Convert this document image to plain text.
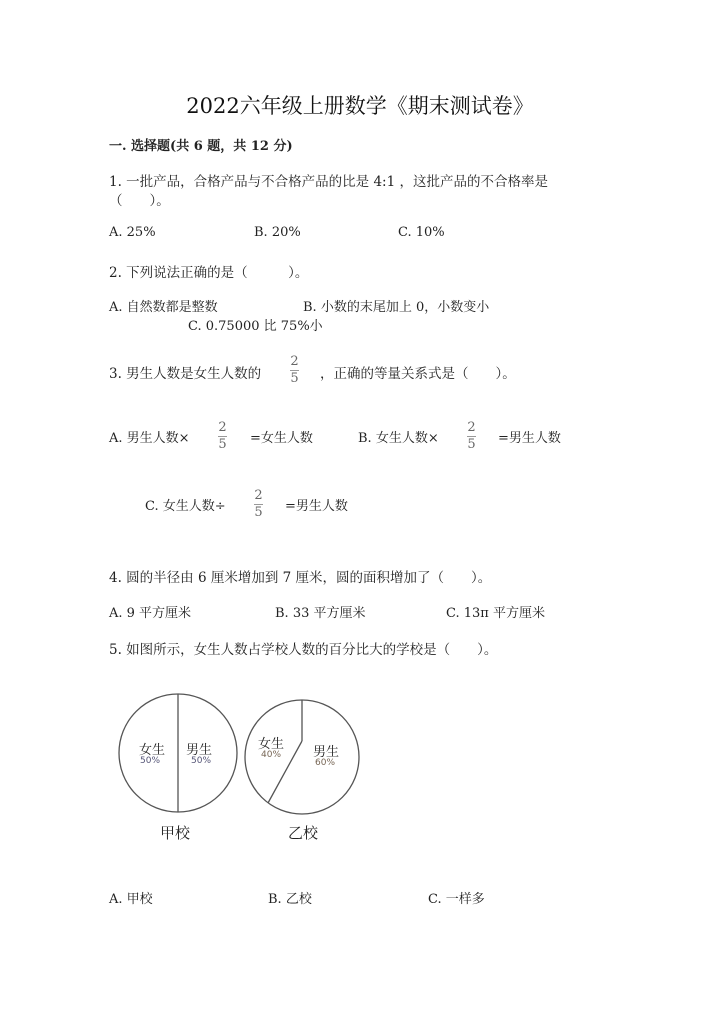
2022六年级上册数学《期末测试卷》
一. 选择题(共 6 题，共 12 分)
1. 一批产品，合格产品与不合格产品的比是 4:1 ，这批产品的不合格率是
（　　）。
A. 25%	B. 20%	C. 10%
2. 下列说法正确的是（　　　）。
A. 自然数都是整数	B. 小数的末尾加上 0，小数变小
C. 0.75000 比 75%小
3. 男生人数是女生人数的
2
5 ，正确的等量关系式是（　　）。
A. 男生人数×
2
5 =女生人数	B. 女生人数×
2
5 =男生人数
C. 女生人数÷
2
5 =男生人数
4. 圆的半径由 6 厘米增加到 7 厘米，圆的面积增加了（　　）。
A. 9 平方厘米	B. 33 平方厘米	C. 13π 平方厘米
5. 如图所示，女生人数占学校人数的百分比大的学校是（　　）。
女生
50%
男生
50%
甲校
女生
40% 男生
60%
乙校
A. 甲校	B. 乙校	C. 一样多
